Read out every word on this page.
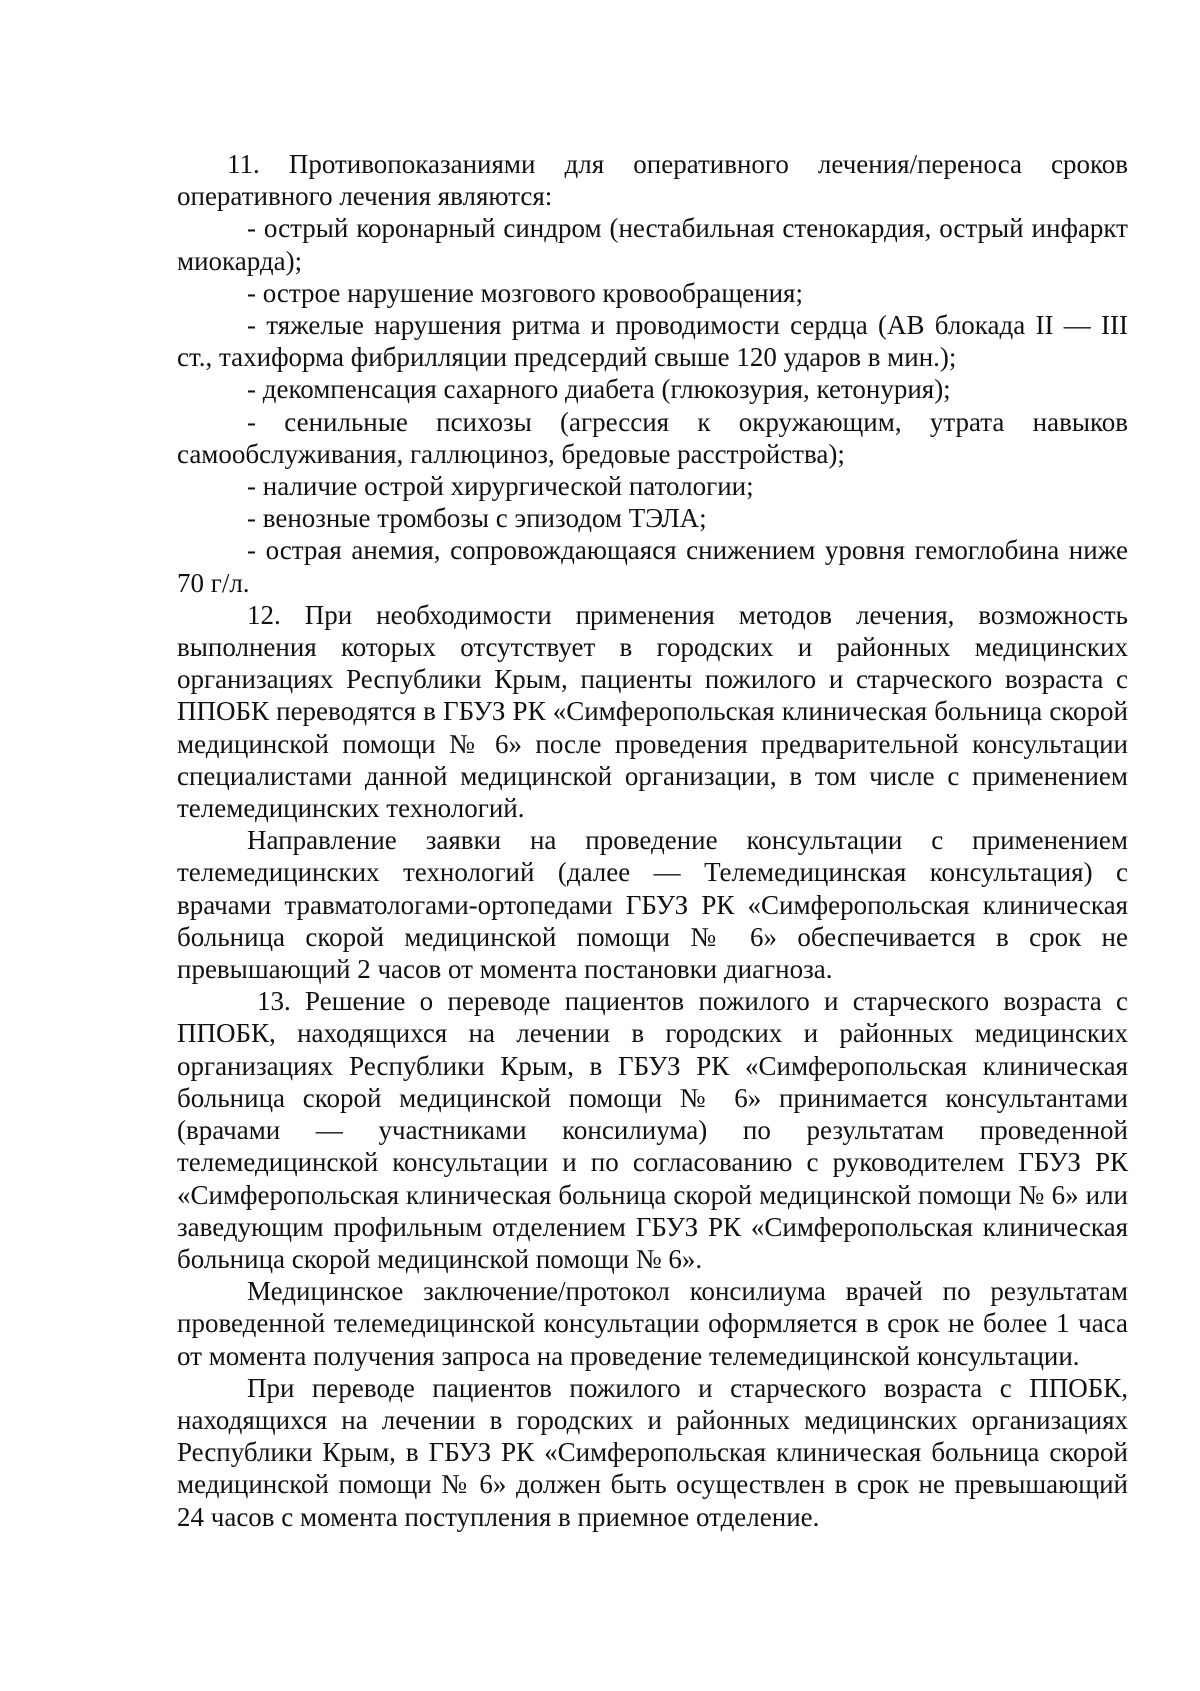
11. Противопоказаниями для оперативного лечения/переноса сроков оперативного лечения являются:

- острый коронарный синдром (нестабильная стенокардия, острый инфаркт миокарда);

- острое нарушение мозгового кровообращения;

- тяжелые нарушения ритма и проводимости сердца (АВ блокада II — III ст., тахиформа фибрилляции предсердий свыше 120 ударов в мин.);

- декомпенсация сахарного диабета (глюкозурия, кетонурия);

- сенильные психозы (агрессия к окружающим, утрата навыков самообслуживания, галлюциноз, бредовые расстройства);

- наличие острой хирургической патологии;

- венозные тромбозы с эпизодом ТЭЛА;

- острая анемия, сопровождающаяся снижением уровня гемоглобина ниже 70 г/л.

12. При необходимости применения методов лечения, возможность выполнения которых отсутствует в городских и районных медицинских организациях Республики Крым, пациенты пожилого и старческого возраста с ППОБК переводятся в ГБУЗ РК «Симферопольская клиническая больница скорой медицинской помощи № 6» после проведения предварительной консультации специалистами данной медицинской организации, в том числе с применением телемедицинских технологий.

Направление заявки на проведение консультации с применением телемедицинских технологий (далее — Телемедицинская консультация) с врачами травматологами-ортопедами ГБУЗ РК «Симферопольская клиническая больница скорой медицинской помощи № 6» обеспечивается в срок не превышающий 2 часов от момента постановки диагноза.

13. Решение о переводе пациентов пожилого и старческого возраста с ППОБК, находящихся на лечении в городских и районных медицинских организациях Республики Крым, в ГБУЗ РК «Симферопольская клиническая больница скорой медицинской помощи № 6» принимается консультантами (врачами — участниками консилиума) по результатам проведенной телемедицинской консультации и по согласованию с руководителем ГБУЗ РК «Симферопольская клиническая больница скорой медицинской помощи № 6» или заведующим профильным отделением ГБУЗ РК «Симферопольская клиническая больница скорой медицинской помощи № 6».

Медицинское заключение/протокол консилиума врачей по результатам проведенной телемедицинской консультации оформляется в срок не более 1 часа от момента получения запроса на проведение телемедицинской консультации.

При переводе пациентов пожилого и старческого возраста с ППОБК, находящихся на лечении в городских и районных медицинских организациях Республики Крым, в ГБУЗ РК «Симферопольская клиническая больница скорой медицинской помощи № 6» должен быть осуществлен в срок не превышающий 24 часов с момента поступления в приемное отделение.
